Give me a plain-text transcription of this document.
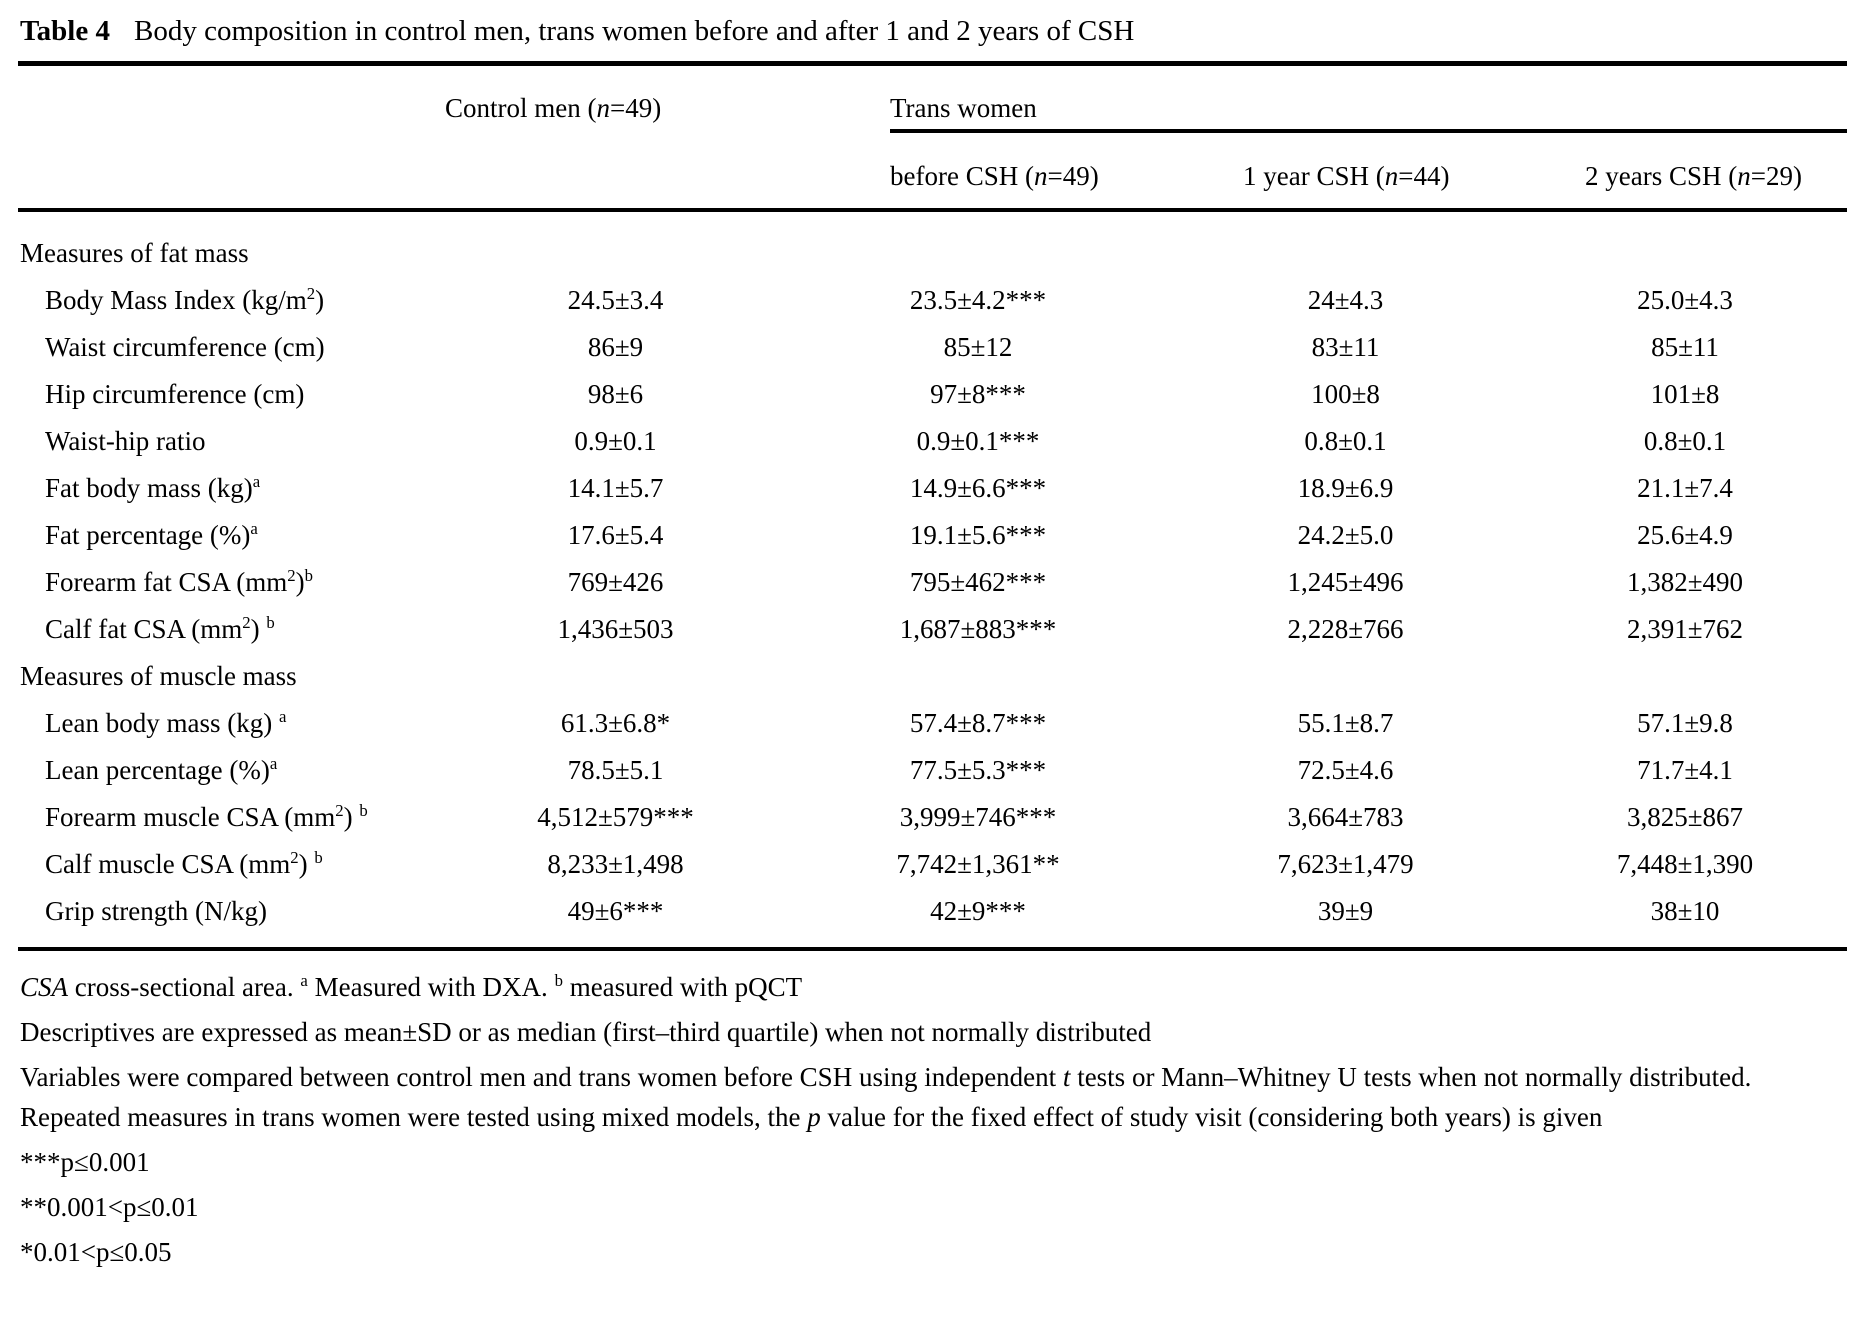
Table 4 Body composition in control men, trans women before and after 1 and 2 years of CSH
	Control men (n=49)	Trans women		

		before CSH (n=49)	1 year CSH (n=44)	2 years CSH (n=29)
Measures of fat mass				
Body Mass Index $(kg/m^2)$	24.5±3.4	23.5±4.2***	24±4.3	25.0±4.3
Waist circumference (cm)	86±9	85±12	83±11	85±11
Hip circumference (cm)	98±6	97±8***	100±8	101±8
Waist-hip ratio	0.9±0.1	0.9±0.1***	0.8±0.1	0.8±0.1
Fat body mass (kg)$^a$	14.1±5.7	14.9±6.6***	18.9±6.9	21.1±7.4
Fat percentage (%)$^a$	17.6±5.4	19.1±5.6***	24.2±5.0	25.6±4.9
Forearm fat CSA $(mm^2)^b$	769±426	795±462***	1,245±496	1,382±490
Calf fat CSA $(mm^2)$ $^b$	1,436±503	1,687±883***	2,228±766	2,391±762
Measures of muscle mass				
Lean body mass (kg) $^a$	61.3±6.8*	57.4±8.7***	55.1±8.7	57.1±9.8
Lean percentage (%)$^a$	78.5±5.1	77.5±5.3***	72.5±4.6	71.7±4.1
Forearm muscle CSA $(mm^2)$ $^b$	4,512±579***	3,999±746***	3,664±783	3,825±867
Calf muscle CSA $(mm^2)$ $^b$	8,233±1,498	7,742±1,361**	7,623±1,479	7,448±1,390
Grip strength (N/kg)	49±6***	42±9***	39±9	38±10

CSA cross-sectional area. $^a$ Measured with DXA. $^b$ measured with pQCT

Descriptives are expressed as mean±SD or as median (first–third quartile) when not normally distributed

Variables were compared between control men and trans women before CSH using independent t tests or Mann–Whitney U tests when not normally distributed. Repeated measures in trans women were tested using mixed models, the p value for the fixed effect of study visit (considering both years) is given

***p≤0.001

**0.001<p≤0.01

*0.01<p≤0.05
